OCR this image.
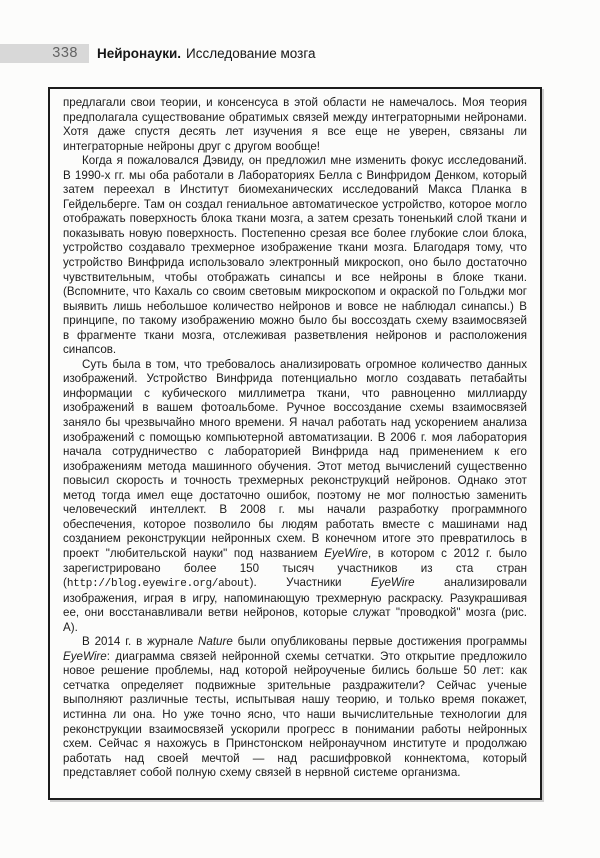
338 Нейронауки. Исследование мозга

предлагали свои теории, и консенсуса в этой области не намечалось. Моя теория предполагала существование обратимых связей между интеграторными нейронами. Хотя даже спустя десять лет изучения я все еще не уверен, связаны ли интеграторные нейроны друг с другом вообще!

Когда я пожаловался Дэвиду, он предложил мне изменить фокус исследований. В 1990-х гг. мы оба работали в Лабораториях Белла с Винфридом Денком, который затем переехал в Институт биомеханических исследований Макса Планка в Гейдельберге. Там он создал гениальное автоматическое устройство, которое могло отображать поверхность блока ткани мозга, а затем срезать тоненький слой ткани и показывать новую поверхность. Постепенно срезая все более глубокие слои блока, устройство создавало трехмерное изображение ткани мозга. Благодаря тому, что устройство Винфрида использовало электронный микроскоп, оно было достаточно чувствительным, чтобы отображать синапсы и все нейроны в блоке ткани. (Вспомните, что Кахаль со своим световым микроскопом и окраской по Гольджи мог выявить лишь небольшое количество нейронов и вовсе не наблюдал синапсы.) В принципе, по такому изображению можно было бы воссоздать схему взаимосвязей в фрагменте ткани мозга, отслеживая разветвления нейронов и расположения синапсов.

Суть была в том, что требовалось анализировать огромное количество данных изображений. Устройство Винфрида потенциально могло создавать петабайты информации с кубического миллиметра ткани, что равноценно миллиарду изображений в вашем фотоальбоме. Ручное воссоздание схемы взаимосвязей заняло бы чрезвычайно много времени. Я начал работать над ускорением анализа изображений с помощью компьютерной автоматизации. В 2006 г. моя лаборатория начала сотрудничество с лабораторией Винфрида над применением к его изображениям метода машинного обучения. Этот метод вычислений существенно повысил скорость и точность трехмерных реконструкций нейронов. Однако этот метод тогда имел еще достаточно ошибок, поэтому не мог полностью заменить человеческий интеллект. В 2008 г. мы начали разработку программного обеспечения, которое позволило бы людям работать вместе с машинами над созданием реконструкции нейронных схем. В конечном итоге это превратилось в проект "любительской науки" под названием EyeWire, в котором с 2012 г. было зарегистрировано более 150 тысяч участников из ста стран (http://blog.eyewire.org/about). Участники EyeWire анализировали изображения, играя в игру, напоминающую трехмерную раскраску. Разукрашивая ее, они восстанавливали ветви нейронов, которые служат "проводкой" мозга (рис. А).

В 2014 г. в журнале Nature были опубликованы первые достижения программы EyeWire: диаграмма связей нейронной схемы сетчатки. Это открытие предложило новое решение проблемы, над которой нейроученые бились больше 50 лет: как сетчатка определяет подвижные зрительные раздражители? Сейчас ученые выполняют различные тесты, испытывая нашу теорию, и только время покажет, истинна ли она. Но уже точно ясно, что наши вычислительные технологии для реконструкции взаимосвязей ускорили прогресс в понимании работы нейронных схем. Сейчас я нахожусь в Принстонском нейронаучном институте и продолжаю работать над своей мечтой — над расшифровкой коннектома, который представляет собой полную схему связей в нервной системе организма.
